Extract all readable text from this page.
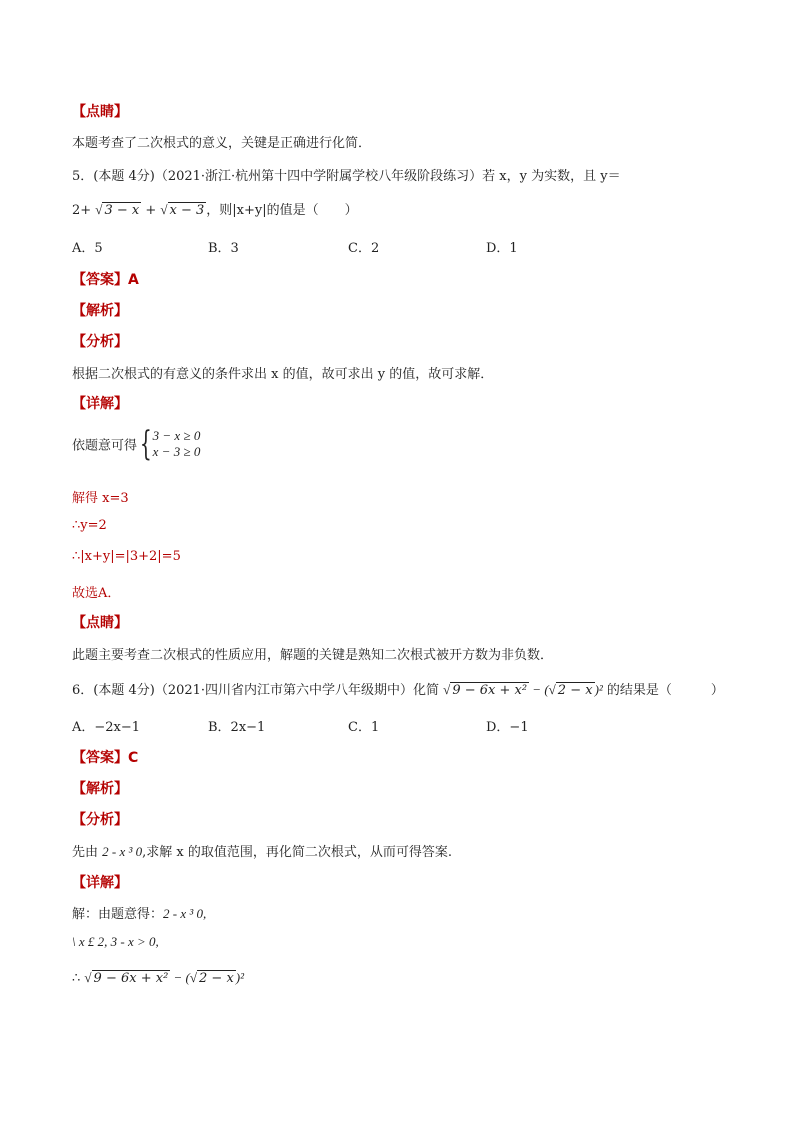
【点睛】
本题考查了二次根式的意义，关键是正确进行化简．
5．(本题 4分)（2021·浙江·杭州第十四中学附属学校八年级阶段练习）若 x，y 为实数，且 y＝
2+ √ 3 − x + √ x − 3 ，则|x+y|的值是（　　）
A．5	B．3	C．2	D．1
【答案】A
【解析】
【分析】
根据二次根式的有意义的条件求出 x 的值，故可求出 y 的值，故可求解．
【详解】
依题意可得{3 − x ≥ 0
x − 3 ≥ 0
解得 x=3
∴y=2
∴|x+y|=|3+2|=5
故选A．
【点睛】
此题主要考查二次根式的性质应用，解题的关键是熟知二次根式被开方数为非负数．
6．(本题 4分)（2021·四川省内江市第六中学八年级期中）化简 √ 9 − 6x + x² − (√ 2 − x )² 的结果是（　　　）
A．−2x−1	B．2x−1	C．1	D．−1
【答案】C
【解析】
【分析】
先由 2 - x ³ 0,求解 x 的取值范围，再化简二次根式，从而可得答案.
【详解】
解：由题意得：2 - x ³ 0,
\ x £ 2, 3 - x > 0,
∴ √ 9 − 6x + x² − (√ 2 − x )²
